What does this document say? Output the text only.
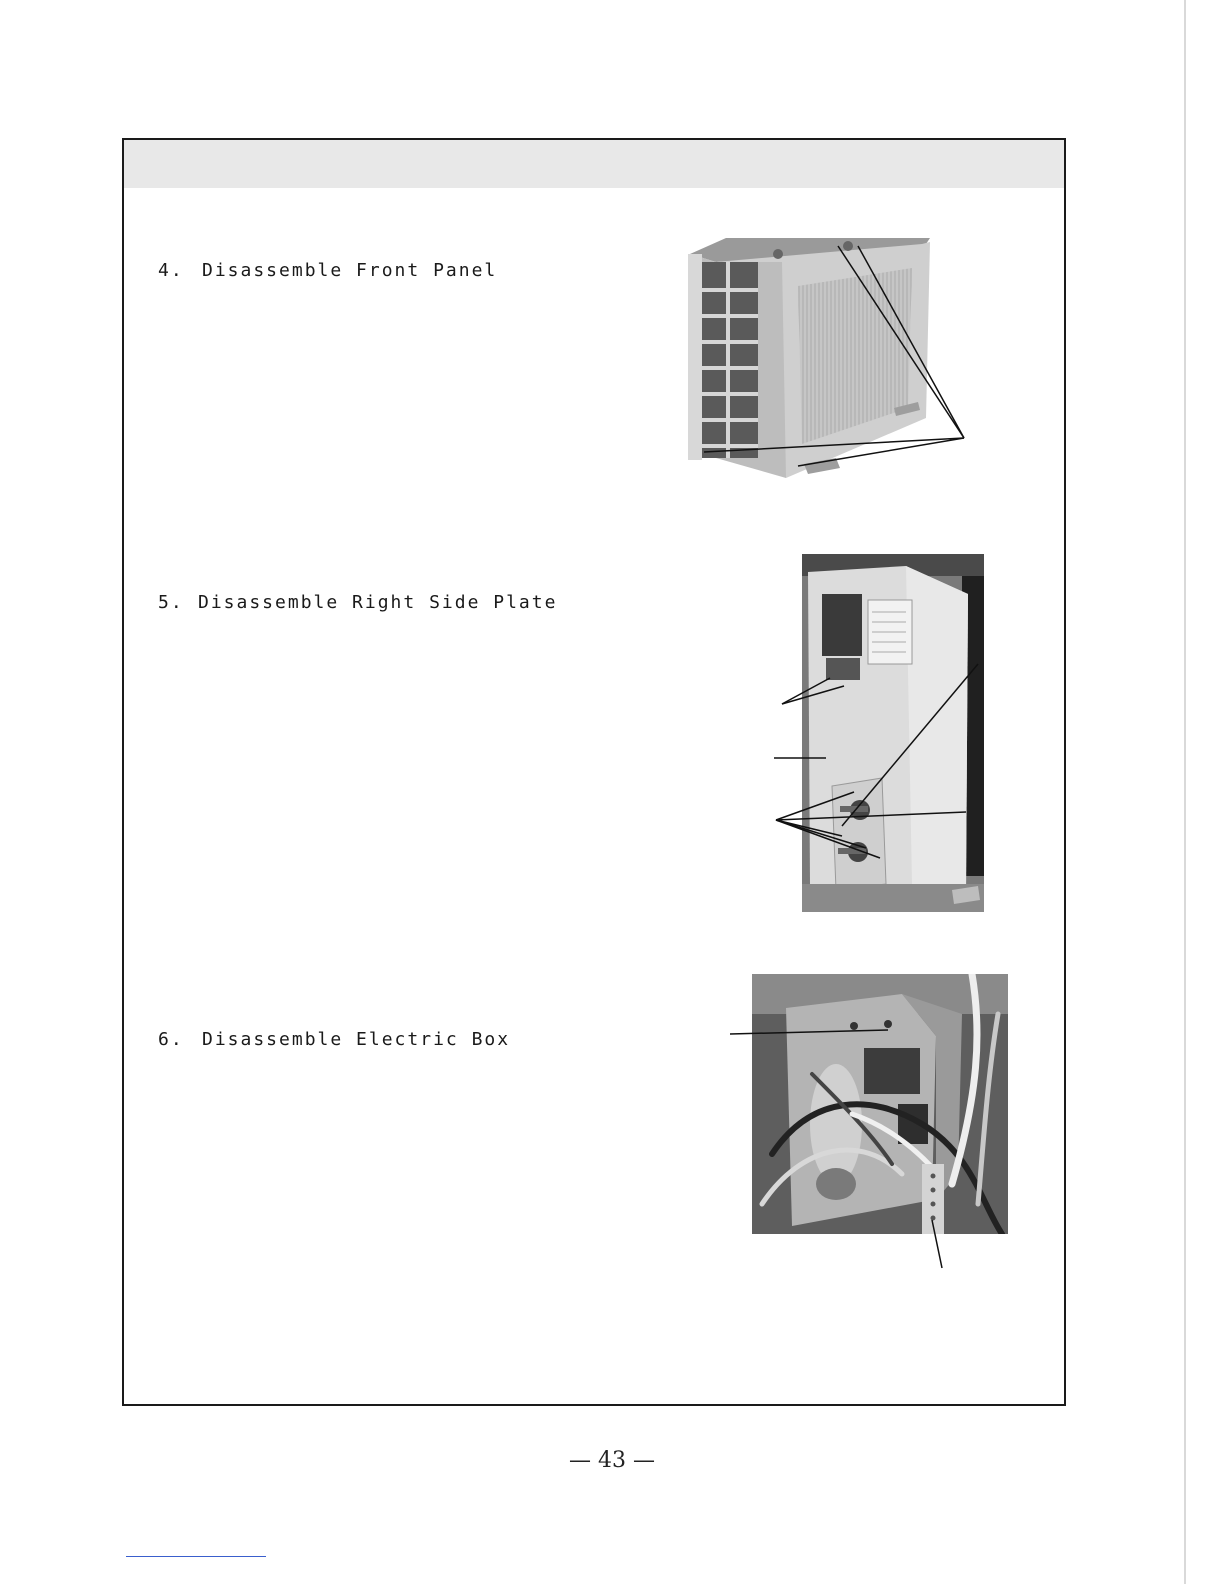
4. Disassemble Front Panel
5. Disassemble Right Side Plate
6. Disassemble Electric Box
— 43 —
